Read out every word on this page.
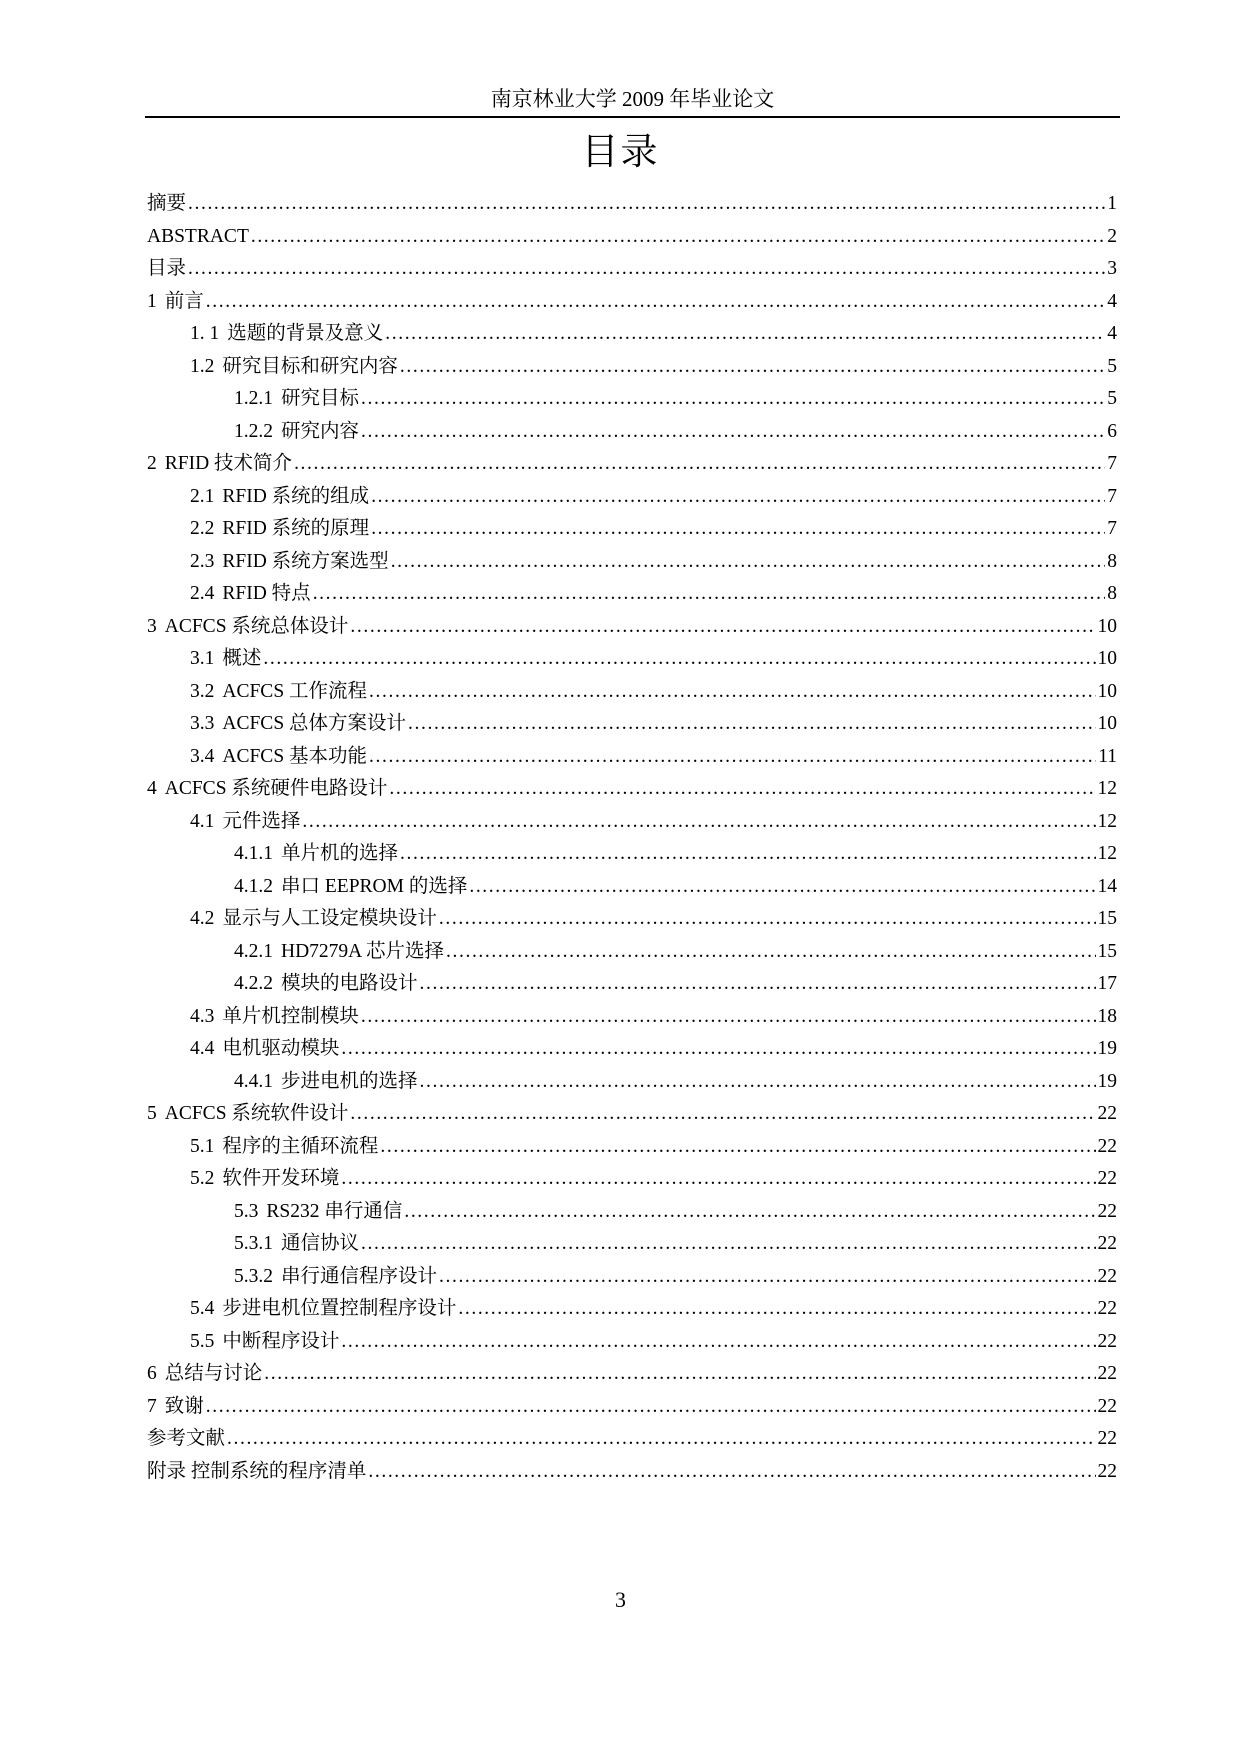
南京林业大学 2009 年毕业论文
目录
摘要 .....	1
ABSTRACT .....	2
目录 .....	3
1 前言 .....	4
1. 1 选题的背景及意义 .....	4
1.2 研究目标和研究内容 .....	5
1.2.1 研究目标 .....	5
1.2.2 研究内容 .....	6
2 RFID 技术简介 .....	7
2.1 RFID 系统的组成 .....	7
2.2 RFID 系统的原理 .....	7
2.3 RFID 系统方案选型 .....	8
2.4 RFID 特点 .....	8
3 ACFCS 系统总体设计 .....	10
3.1 概述 .....	10
3.2 ACFCS 工作流程 .....	10
3.3 ACFCS 总体方案设计 .....	10
3.4 ACFCS 基本功能 .....	11
4 ACFCS 系统硬件电路设计 .....	12
4.1 元件选择 .....	12
4.1.1 单片机的选择 .....	12
4.1.2 串口 EEPROM 的选择 .....	14
4.2 显示与人工设定模块设计 .....	15
4.2.1 HD7279A 芯片选择 .....	15
4.2.2 模块的电路设计 .....	17
4.3 单片机控制模块 .....	18
4.4 电机驱动模块 .....	19
4.4.1 步进电机的选择 .....	19
5 ACFCS 系统软件设计 .....	22
5.1 程序的主循环流程 .....	22
5.2 软件开发环境 .....	22
5.3 RS232 串行通信 .....	22
5.3.1 通信协议 .....	22
5.3.2 串行通信程序设计 .....	22
5.4 步进电机位置控制程序设计 .....	22
5.5 中断程序设计 .....	22
6 总结与讨论 .....	22
7 致谢 .....	22
参考文献 .....	22
附录 控制系统的程序清单 .....	22
3
